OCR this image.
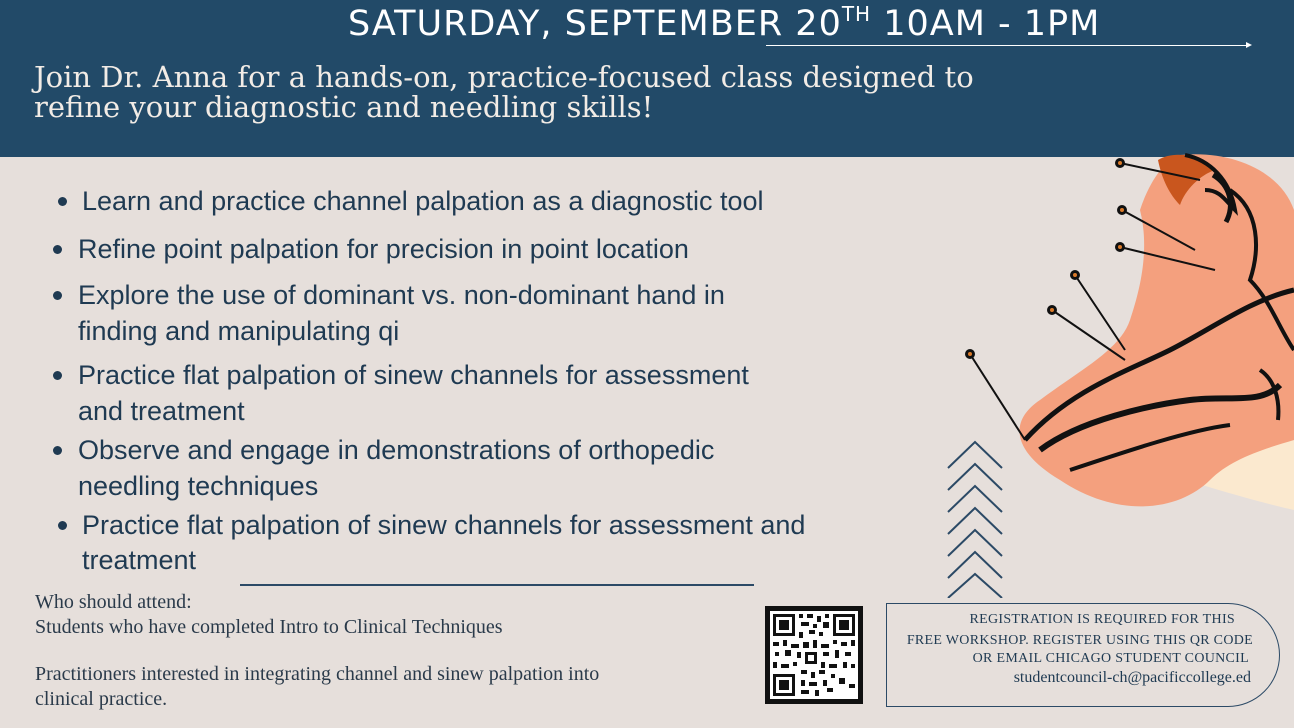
SATURDAY, SEPTEMBER 20TH 10AM - 1PM
Join Dr. Anna for a hands-on, practice-focused class designed to
refine your diagnostic and needling skills!
Learn and practice channel palpation as a diagnostic tool
Refine point palpation for precision in point location
Explore the use of dominant vs. non-dominant hand in
finding and manipulating qi
Practice flat palpation of sinew channels for assessment
and treatment
Observe and engage in demonstrations of orthopedic
needling techniques
Practice flat palpation of sinew channels for assessment and
treatment
Who should attend:
Students who have completed Intro to Clinical Techniques
Practitioners interested in integrating channel and sinew palpation into
clinical practice.
REGISTRATION IS REQUIRED FOR THIS
FREE WORKSHOP. REGISTER USING THIS QR CODE
OR EMAIL CHICAGO STUDENT COUNCIL
studentcouncil-ch@pacificcollege.ed
